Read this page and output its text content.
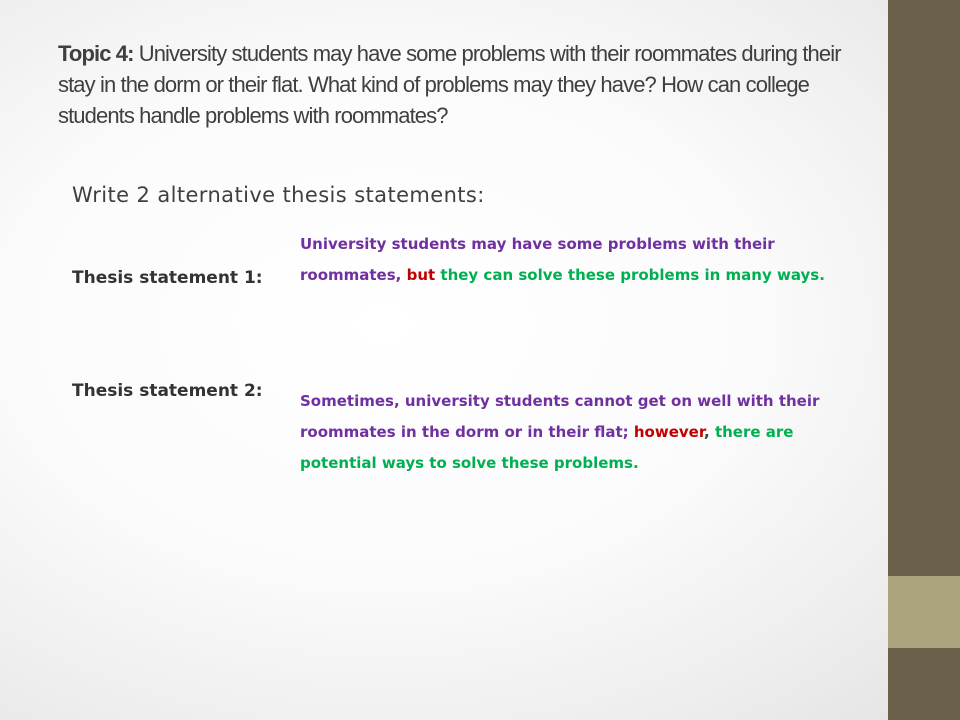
Topic 4: University students may have some problems with their roommates during their stay in the dorm or their flat. What kind of problems may they have? How can college students handle problems with roommates?
Write 2 alternative thesis statements:

Thesis statement 1:

University students may have some problems with their roommates, but they can solve these problems in many ways.

Thesis statement 2: Sometimes, university students cannot get on well with their roommates in the dorm or in their flat; however, there are potential ways to solve these problems.
